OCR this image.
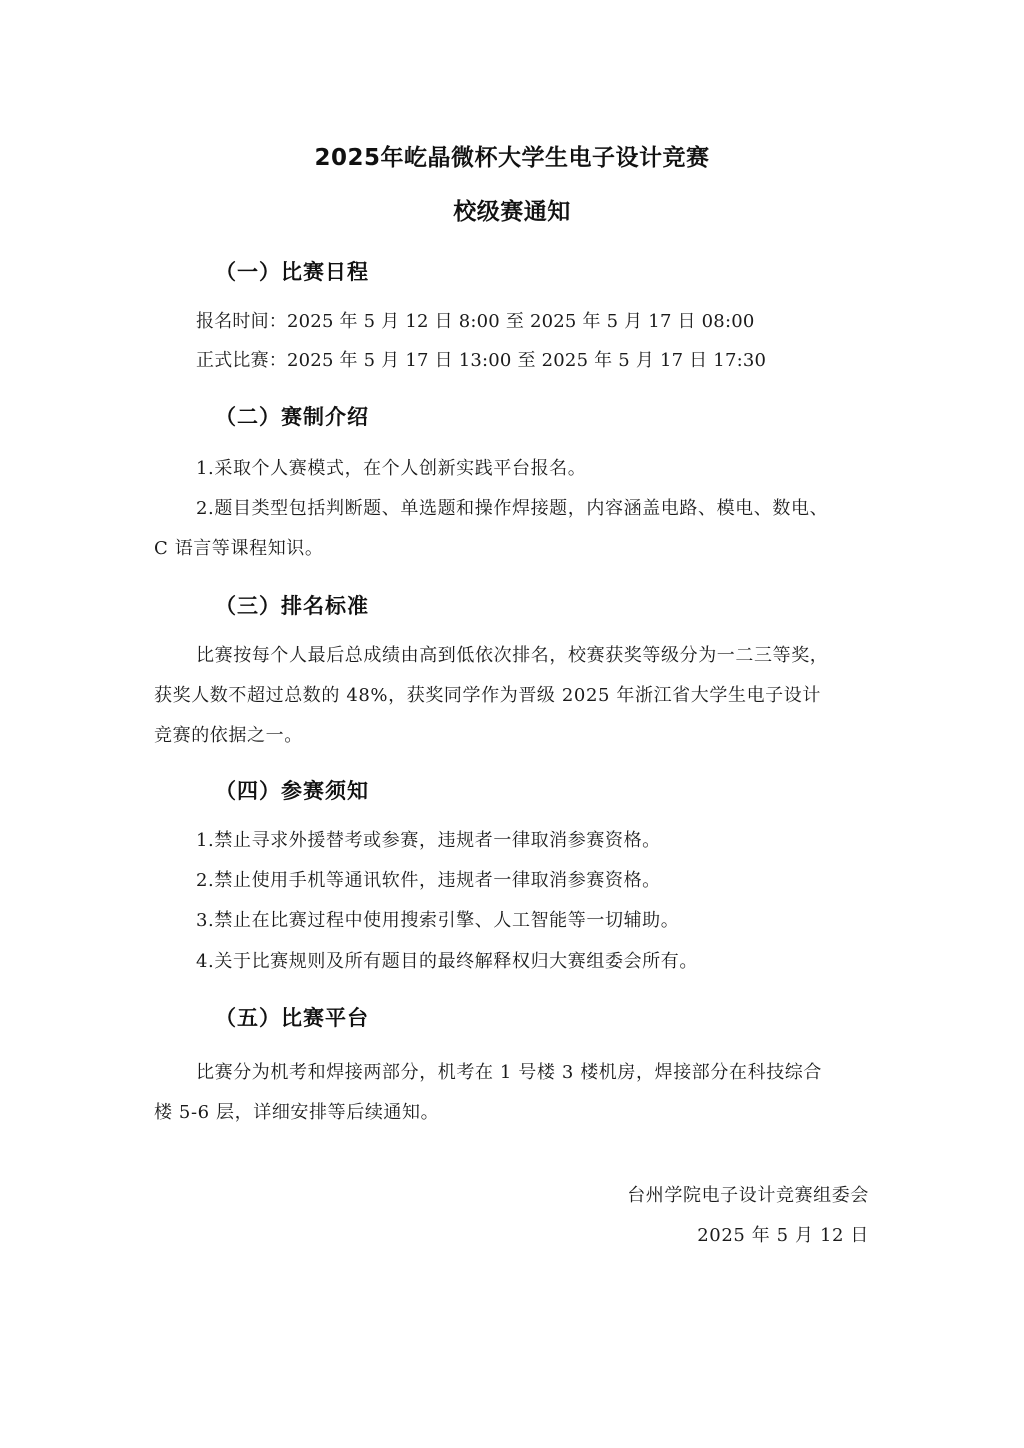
2025年屹晶微杯大学生电子设计竞赛
校级赛通知
（一）比赛日程
报名时间：2025 年 5 月 12 日 8:00 至 2025 年 5 月 17 日 08:00
正式比赛：2025 年 5 月 17 日 13:00 至 2025 年 5 月 17 日 17:30
（二）赛制介绍
1.采取个人赛模式，在个人创新实践平台报名。
2.题目类型包括判断题、单选题和操作焊接题，内容涵盖电路、模电、数电、
C 语言等课程知识。
（三）排名标准
比赛按每个人最后总成绩由高到低依次排名，校赛获奖等级分为一二三等奖，
获奖人数不超过总数的 48%，获奖同学作为晋级 2025 年浙江省大学生电子设计
竞赛的依据之一。
（四）参赛须知
1.禁止寻求外援替考或参赛，违规者一律取消参赛资格。
2.禁止使用手机等通讯软件，违规者一律取消参赛资格。
3.禁止在比赛过程中使用搜索引擎、人工智能等一切辅助。
4.关于比赛规则及所有题目的最终解释权归大赛组委会所有。
（五）比赛平台
比赛分为机考和焊接两部分，机考在 1 号楼 3 楼机房，焊接部分在科技综合
楼 5-6 层，详细安排等后续通知。
台州学院电子设计竞赛组委会
2025 年 5 月 12 日
